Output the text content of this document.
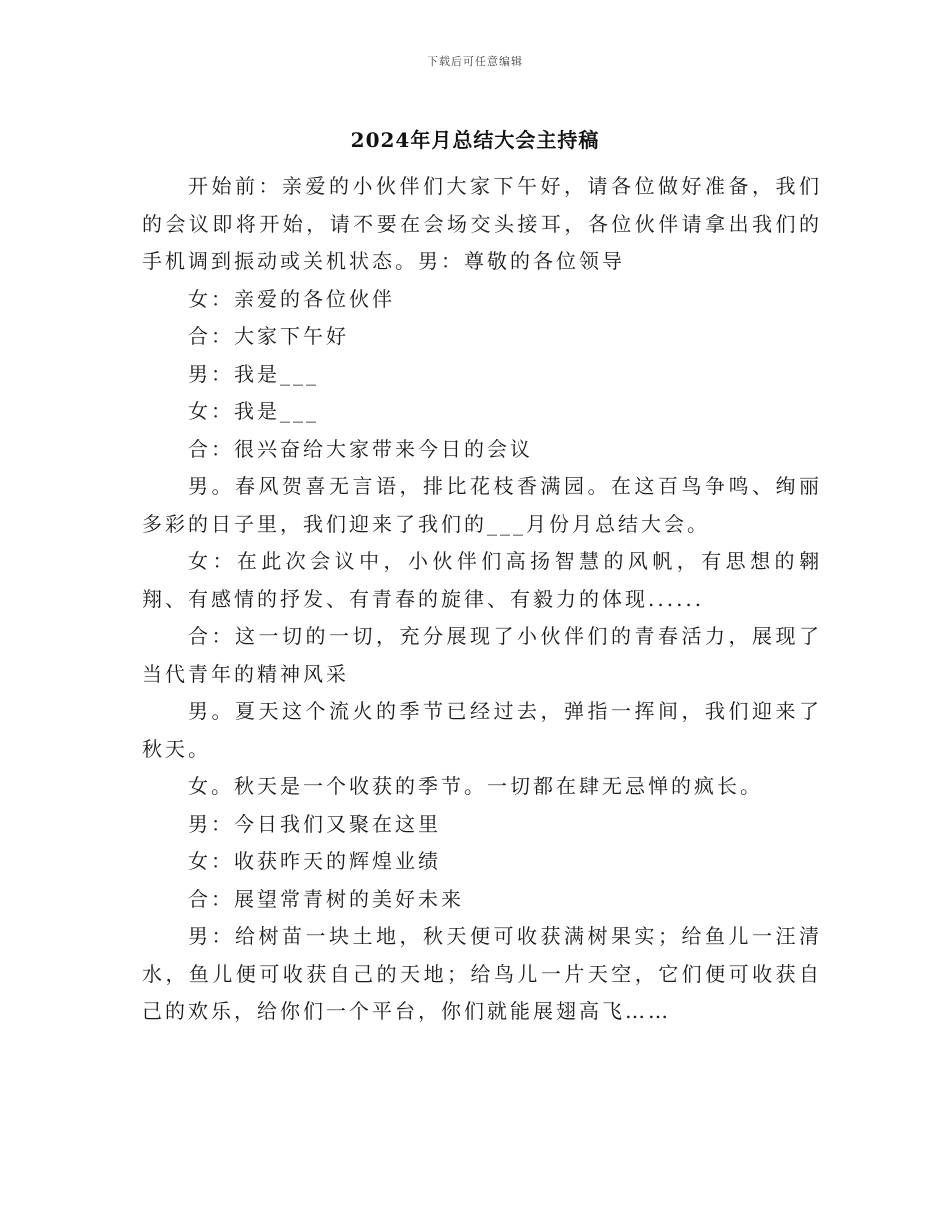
下载后可任意编辑
2024年月总结大会主持稿

开始前：亲爱的小伙伴们大家下午好，请各位做好准备，我们的会议即将开始，请不要在会场交头接耳，各位伙伴请拿出我们的手机调到振动或关机状态。男：尊敬的各位领导

女：亲爱的各位伙伴

合：大家下午好

男：我是___

女：我是___

合：很兴奋给大家带来今日的会议

男。春风贺喜无言语，排比花枝香满园。在这百鸟争鸣、绚丽多彩的日子里，我们迎来了我们的___月份月总结大会。

女：在此次会议中，小伙伴们高扬智慧的风帆，有思想的翱翔、有感情的抒发、有青春的旋律、有毅力的体现......

合：这一切的一切，充分展现了小伙伴们的青春活力，展现了当代青年的精神风采

男。夏天这个流火的季节已经过去，弹指一挥间，我们迎来了秋天。

女。秋天是一个收获的季节。一切都在肆无忌惮的疯长。

男：今日我们又聚在这里

女：收获昨天的辉煌业绩

合：展望常青树的美好未来

男：给树苗一块土地，秋天便可收获满树果实；给鱼儿一汪清水，鱼儿便可收获自己的天地；给鸟儿一片天空，它们便可收获自己的欢乐，给你们一个平台，你们就能展翅高飞……
